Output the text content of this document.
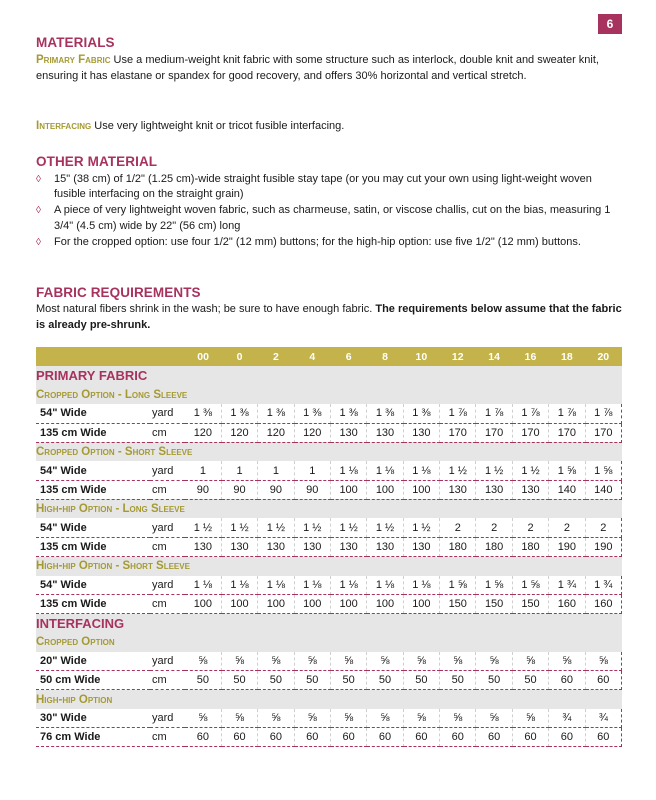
6
MATERIALS

Primary Fabric Use a medium-weight knit fabric with some structure such as interlock, double knit and sweater knit, ensuring it has elastane or spandex for good recovery, and offers 30% horizontal and vertical stretch.

Interfacing Use very lightweight knit or tricot fusible interfacing.

OTHER MATERIAL
◊ 15" (38 cm) of 1/2" (1.25 cm)-wide straight fusible stay tape (or you may cut your own using light-weight woven fusible interfacing on the straight grain)
◊ A piece of very lightweight woven fabric, such as charmeuse, satin, or viscose challis, cut on the bias, measuring 1 3/4" (4.5 cm) wide by 22" (56 cm) long
◊ For the cropped option: use four 1/2" (12 mm) buttons; for the high-hip option: use five 1/2" (12 mm) buttons.
FABRIC REQUIREMENTS

Most natural fibers shrink in the wash; be sure to have enough fabric. The requirements below assume that the fabric is already pre-shrunk.

		00	0	2	4	6	8	10	12	14	16	18	20
PRIMARY FABRIC													
Cropped Option - Long Sleeve													
54" Wide	yard	1 ⅜	1 ⅜	1 ⅜	1 ⅜	1 ⅜	1 ⅜	1 ⅜	1 ⅞	1 ⅞	1 ⅞	1 ⅞	1 ⅞
135 cm Wide	cm	120	120	120	120	130	130	130	170	170	170	170	170
Cropped Option - Short Sleeve													
54" Wide	yard	1	1	1	1	1 ⅛	1 ⅛	1 ⅛	1 ½	1 ½	1 ½	1 ⅝	1 ⅝
135 cm Wide	cm	90	90	90	90	100	100	100	130	130	130	140	140
High-hip Option - Long Sleeve													
54" Wide	yard	1 ½	1 ½	1 ½	1 ½	1 ½	1 ½	1 ½	2	2	2	2	2
135 cm Wide	cm	130	130	130	130	130	130	130	180	180	180	190	190
High-hip Option - Short Sleeve													
54" Wide	yard	1 ⅛	1 ⅛	1 ⅛	1 ⅛	1 ⅛	1 ⅛	1 ⅛	1 ⅝	1 ⅝	1 ⅝	1 ¾	1 ¾
135 cm Wide	cm	100	100	100	100	100	100	100	150	150	150	160	160
INTERFACING													
Cropped Option													
20" Wide	yard	⅝	⅝	⅝	⅝	⅝	⅝	⅝	⅝	⅝	⅝	⅝	⅝
50 cm Wide	cm	50	50	50	50	50	50	50	50	50	50	60	60
High-hip Option													
30" Wide	yard	⅝	⅝	⅝	⅝	⅝	⅝	⅝	⅝	⅝	⅝	¾	¾
76 cm Wide	cm	60	60	60	60	60	60	60	60	60	60	60	60
